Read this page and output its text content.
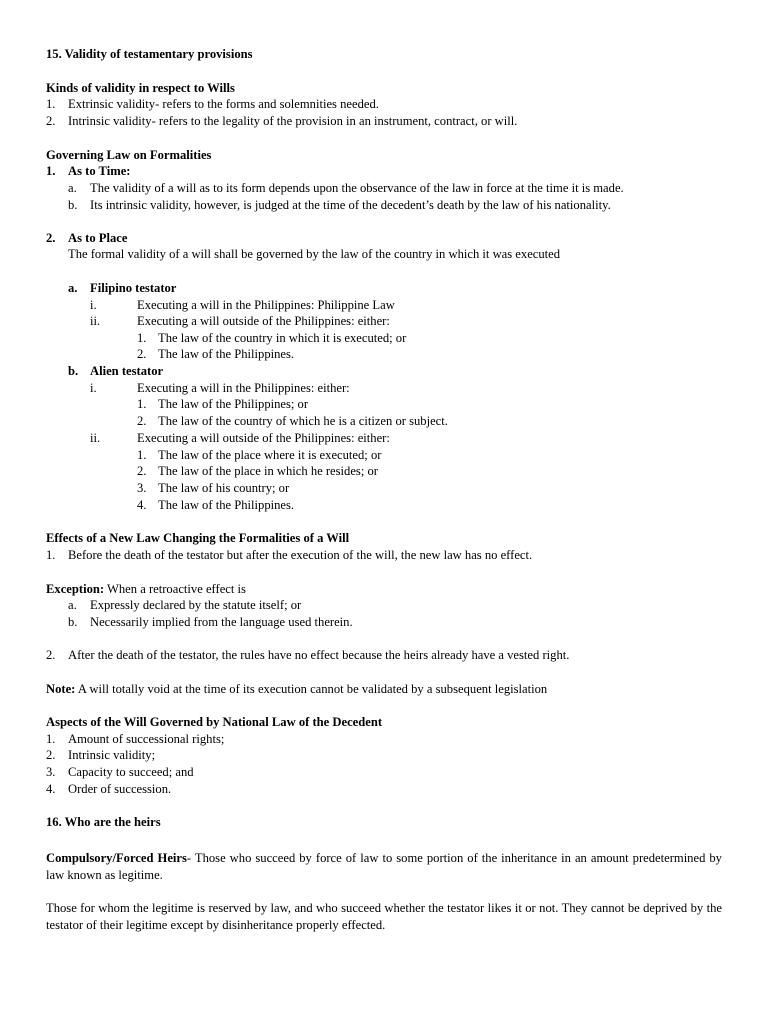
15. Validity of testamentary provisions
Kinds of validity in respect to Wills
1. Extrinsic validity- refers to the forms and solemnities needed.
2. Intrinsic validity- refers to the legality of the provision in an instrument, contract, or will.
Governing Law on Formalities
1. As to Time:
a. The validity of a will as to its form depends upon the observance of the law in force at the time it is made.
b. Its intrinsic validity, however, is judged at the time of the decedent’s death by the law of his nationality.
2. As to Place
The formal validity of a will shall be governed by the law of the country in which it was executed
a. Filipino testator
i.	Executing a will in the Philippines: Philippine Law
ii.	Executing a will outside of the Philippines: either:
1. The law of the country in which it is executed; or
2. The law of the Philippines.
b. Alien testator
i.	Executing a will in the Philippines: either:
1. The law of the Philippines; or
2. The law of the country of which he is a citizen or subject.
ii.	Executing a will outside of the Philippines: either:
1. The law of the place where it is executed; or
2. The law of the place in which he resides; or
3. The law of his country; or
4. The law of the Philippines.
Effects of a New Law Changing the Formalities of a Will
1. Before the death of the testator but after the execution of the will, the new law has no effect.
Exception: When a retroactive effect is
a. Expressly declared by the statute itself; or
b. Necessarily implied from the language used therein.
2. After the death of the testator, the rules have no effect because the heirs already have a vested right.
Note: A will totally void at the time of its execution cannot be validated by a subsequent legislation
Aspects of the Will Governed by National Law of the Decedent
1. Amount of successional rights;
2. Intrinsic validity;
3. Capacity to succeed; and
4. Order of succession.
16. Who are the heirs
Compulsory/Forced Heirs- Those who succeed by force of law to some portion of the inheritance in an amount predetermined by law known as legitime.
Those for whom the legitime is reserved by law, and who succeed whether the testator likes it or not. They cannot be deprived by the testator of their legitime except by disinheritance properly effected.
